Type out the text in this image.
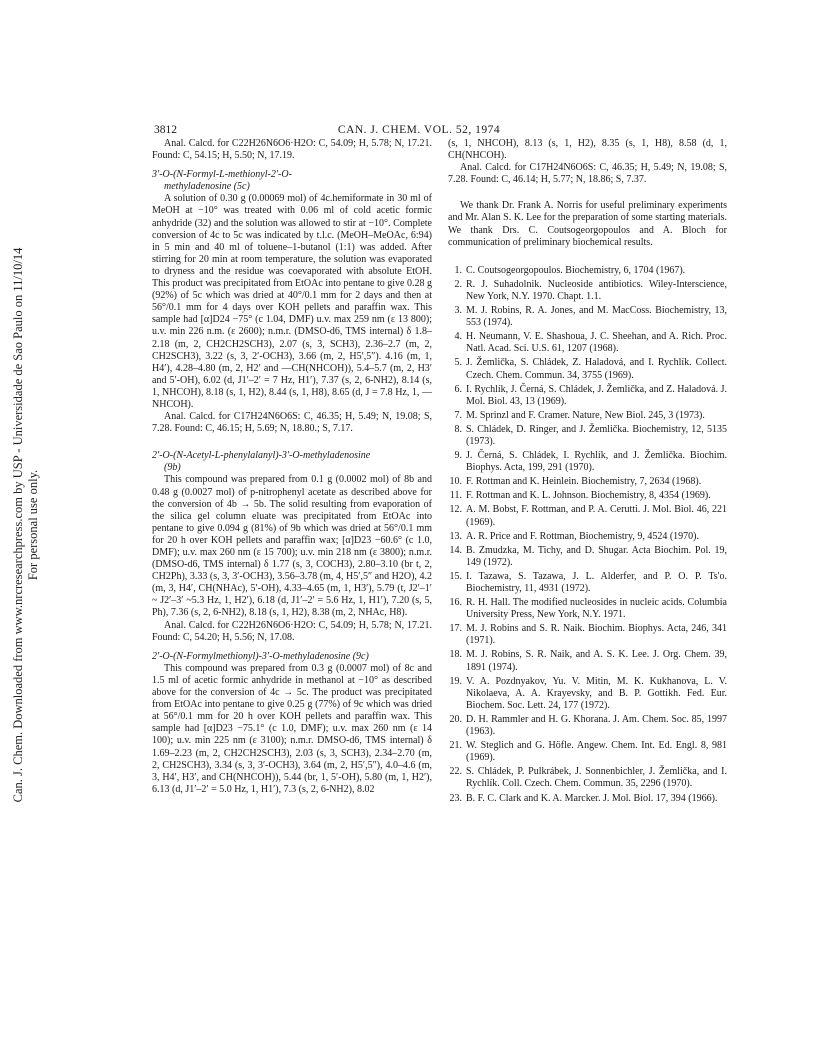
Can. J. Chem. Downloaded from www.nrcresearchpress.com by USP - Universidade de Sao Paulo on 11/10/14 For personal use only.
3812	CAN. J. CHEM. VOL. 52, 1974

Anal. Calcd. for C22H26N6O6·H2O: C, 54.09; H, 5.78; N, 17.21. Found: C, 54.15; H, 5.50; N, 17.19.

3′-O-(N-Formyl-L-methionyl-2′-O-
methyladenosine (5c)

A solution of 0.30 g (0.00069 mol) of 4c.hemiformate in 30 ml of MeOH at −10° was treated with 0.06 ml of cold acetic formic anhydride (32) and the solution was allowed to stir at −10°. Complete conversion of 4c to 5c was indicated by t.l.c. (MeOH–MeOAc, 6:94) in 5 min and 40 ml of toluene–1-butanol (1:1) was added. After stirring for 20 min at room temperature, the solution was evaporated to dryness and the residue was coevaporated with absolute EtOH. This product was precipitated from EtOAc into pentane to give 0.28 g (92%) of 5c which was dried at 40°/0.1 mm for 2 days and then at 56°/0.1 mm for 4 days over KOH pellets and paraffin wax. This sample had [α]D24 −75° (c 1.04, DMF) u.v. max 259 nm (ε 13 800); u.v. min 226 n.m. (ε 2600); n.m.r. (DMSO-d6, TMS internal) δ 1.8–2.18 (m, 2, CH2CH2SCH3), 2.07 (s, 3, SCH3), 2.36–2.7 (m, 2, CH2SCH3), 3.22 (s, 3, 2′-OCH3), 3.66 (m, 2, H5′,5″). 4.16 (m, 1, H4′), 4.28–4.80 (m, 2, H2′ and —CH(NHCOH)), 5.4–5.7 (m, 2, H3′ and 5′-OH), 6.02 (d, J1′–2′ = 7 Hz, H1′), 7.37 (s, 2, 6-NH2), 8.14 (s, 1, NHCOH), 8.18 (s, 1, H2), 8.44 (s, 1, H8), 8.65 (d, J = 7.8 Hz, 1, —NHCOH).

Anal. Calcd. for C17H24N6O6S: C, 46.35; H, 5.49; N, 19.08; S, 7.28. Found: C, 46.15; H, 5.69; N, 18.80.; S, 7.17.

2′-O-(N-Acetyl-L-phenylalanyl)-3′-O-methyladenosine
(9b)

This compound was prepared from 0.1 g (0.0002 mol) of 8b and 0.48 g (0.0027 mol) of p-nitrophenyl acetate as described above for the conversion of 4b → 5b. The solid resulting from evaporation of the silica gel column eluate was precipitated from EtOAc into pentane to give 0.094 g (81%) of 9b which was dried at 56°/0.1 mm for 20 h over KOH pellets and paraffin wax; [α]D23 −60.6° (c 1.0, DMF); u.v. max 260 nm (ε 15 700); u.v. min 218 nm (ε 3800); n.m.r. (DMSO-d6, TMS internal) δ 1.77 (s, 3, COCH3), 2.80–3.10 (br t, 2, CH2Ph), 3.33 (s, 3, 3′-OCH3), 3.56–3.78 (m, 4, H5′,5″ and H2O), 4.2 (m, 3, H4′, CH(NHAc), 5′-OH), 4.33–4.65 (m, 1, H3′), 5.79 (t, J2′–1′ ~ J2′–3′ ~5.3 Hz, 1, H2′), 6.18 (d, J1′–2′ = 5.6 Hz, 1, H1′), 7.20 (s, 5, Ph), 7.36 (s, 2, 6-NH2), 8.18 (s, 1, H2), 8.38 (m, 2, NHAc, H8).

Anal. Calcd. for C22H26N6O6·H2O: C, 54.09; H, 5.78; N, 17.21. Found: C, 54.20; H, 5.56; N, 17.08.

2′-O-(N-Formylmethionyl)-3′-O-methyladenosine (9c)

This compound was prepared from 0.3 g (0.0007 mol) of 8c and 1.5 ml of acetic formic anhydride in methanol at −10° as described above for the conversion of 4c → 5c. The product was precipitated from EtOAc into pentane to give 0.25 g (77%) of 9c which was dried at 56°/0.1 mm for 20 h over KOH pellets and paraffin wax. This sample had [α]D23 −75.1° (c 1.0, DMF); u.v. max 260 nm (ε 14 100); u.v. min 225 nm (ε 3100); n.m.r. DMSO-d6, TMS internal) δ 1.69–2.23 (m, 2, CH2CH2SCH3), 2.03 (s, 3, SCH3), 2.34–2.70 (m, 2, CH2SCH3), 3.34 (s, 3, 3′-OCH3), 3.64 (m, 2, H5′,5″), 4.0–4.6 (m, 3, H4′, H3′, and CH(NHCOH)), 5.44 (br, 1, 5′-OH), 5.80 (m, 1, H2′), 6.13 (d, J1′–2′ = 5.0 Hz, 1, H1′), 7.3 (s, 2, 6-NH2), 8.02

(s, 1, NHCOH), 8.13 (s, 1, H2), 8.35 (s, 1, H8), 8.58 (d, 1, CH(NHCOH).

Anal. Calcd. for C17H24N6O6S: C, 46.35; H, 5.49; N, 19.08; S, 7.28. Found: C, 46.14; H, 5.77; N, 18.86; S, 7.37.

We thank Dr. Frank A. Norris for useful preliminary experiments and Mr. Alan S. K. Lee for the preparation of some starting materials. We thank Drs. C. Coutsogeorgopoulos and A. Bloch for communication of preliminary biochemical results.

1. C. Coutsogeorgopoulos. Biochemistry, 6, 1704 (1967).
2. R. J. Suhadolnik. Nucleoside antibiotics. Wiley-Interscience, New York, N.Y. 1970. Chapt. 1.1.
3. M. J. Robins, R. A. Jones, and M. MacCoss. Biochemistry, 13, 553 (1974).
4. H. Neumann, V. E. Shashoua, J. C. Sheehan, and A. Rich. Proc. Natl. Acad. Sci. U.S. 61, 1207 (1968).
5. J. Žemlička, S. Chládek, Z. Haladová, and I. Rychlík. Collect. Czech. Chem. Commun. 34, 3755 (1969).
6. I. Rychlík, J. Černá, S. Chládek, J. Žemlička, and Z. Haladová. J. Mol. Biol. 43, 13 (1969).
7. M. Sprinzl and F. Cramer. Nature, New Biol. 245, 3 (1973).
8. S. Chládek, D. Ringer, and J. Žemlička. Biochemistry, 12, 5135 (1973).
9. J. Černá, S. Chládek, I. Rychlík, and J. Žemlička. Biochim. Biophys. Acta, 199, 291 (1970).
10. F. Rottman and K. Heinlein. Biochemistry, 7, 2634 (1968).
11. F. Rottman and K. L. Johnson. Biochemistry, 8, 4354 (1969).
12. A. M. Bobst, F. Rottman, and P. A. Cerutti. J. Mol. Biol. 46, 221 (1969).
13. A. R. Price and F. Rottman, Biochemistry, 9, 4524 (1970).
14. B. Zmudzka, M. Tichy, and D. Shugar. Acta Biochim. Pol. 19, 149 (1972).
15. I. Tazawa, S. Tazawa, J. L. Alderfer, and P. O. P. Ts'o. Biochemistry, 11, 4931 (1972).
16. R. H. Hall. The modified nucleosides in nucleic acids. Columbia University Press, New York, N.Y. 1971.
17. M. J. Robins and S. R. Naik. Biochim. Biophys. Acta, 246, 341 (1971).
18. M. J. Robins, S. R. Naik, and A. S. K. Lee. J. Org. Chem. 39, 1891 (1974).
19. V. A. Pozdnyakov, Yu. V. Mitin, M. K. Kukhanova, L. V. Nikolaeva, A. A. Krayevsky, and B. P. Gottikh. Fed. Eur. Biochem. Soc. Lett. 24, 177 (1972).
20. D. H. Rammler and H. G. Khorana. J. Am. Chem. Soc. 85, 1997 (1963).
21. W. Steglich and G. Höfle. Angew. Chem. Int. Ed. Engl. 8, 981 (1969).
22. S. Chládek, P. Pulkrábek, J. Sonnenbichler, J. Žemlička, and I. Rychlík. Coll. Czech. Chem. Commun. 35, 2296 (1970).
23. B. F. C. Clark and K. A. Marcker. J. Mol. Biol. 17, 394 (1966).
